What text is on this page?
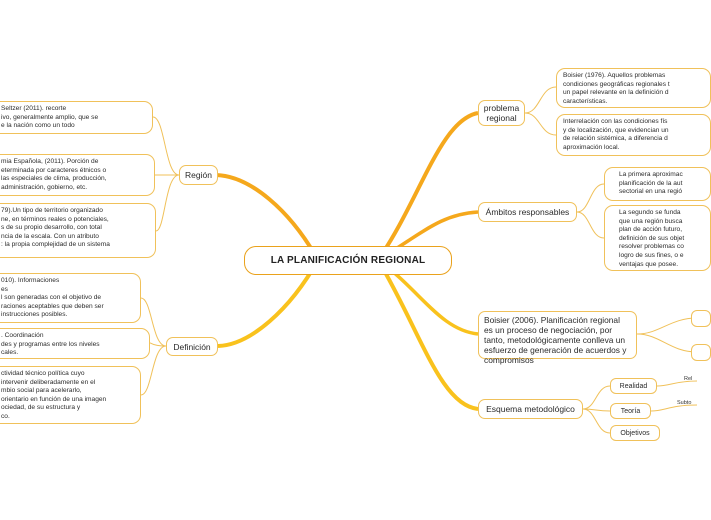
LA PLANIFICACIÓN REGIONAL
Región
Seltzer (2011). recorte
ivo, generalmente amplio, que se
e la nación como un todo
mia Española, (2011). Porción de
eterminada por caracteres étnicos o
las especiales de clima, producción,
administración, gobierno, etc.
79).Un tipo de territorio organizado
ne, en términos reales o potenciales,
s de su propio desarrollo, con total
ncia de la escala. Con un atributo
: la propia complejidad de un sistema
Definición
010). Informaciones
es
l son generadas con el objetivo de
raciones aceptables que deben ser
instrucciones posibles.
. Coordinación
des y programas entre los niveles
cales.
ctividad técnico política cuyo
intervenir deliberadamente en el
mbio social para acelerarlo,
orientario en función de una imagen
ociedad, de su estructura y
co.
problema regional
Boisier (1976). Aquellos problemas
condiciones geográficas regionales t
un papel relevante en la definición d
características.
Interrelación con las condiciones fís
y de localización, que evidencian un
de relación sistémica, a diferencia d
aproximación local.
Ámbitos responsables
La primera aproximac
planificación de la aut
sectorial en una regió
La segundo se funda
que una región busca
plan de acción futuro,
definición de sus objet
resolver problemas co
logro de sus fines, o e
ventajas que posee.
Boisier (2006). Planificación regional es un proceso de negociación, por tanto, metodológicamente conlleva un esfuerzo de generación de acuerdos y compromisos
Esquema metodológico
Realidad
Teoría
Objetivos
Rel
Subto
